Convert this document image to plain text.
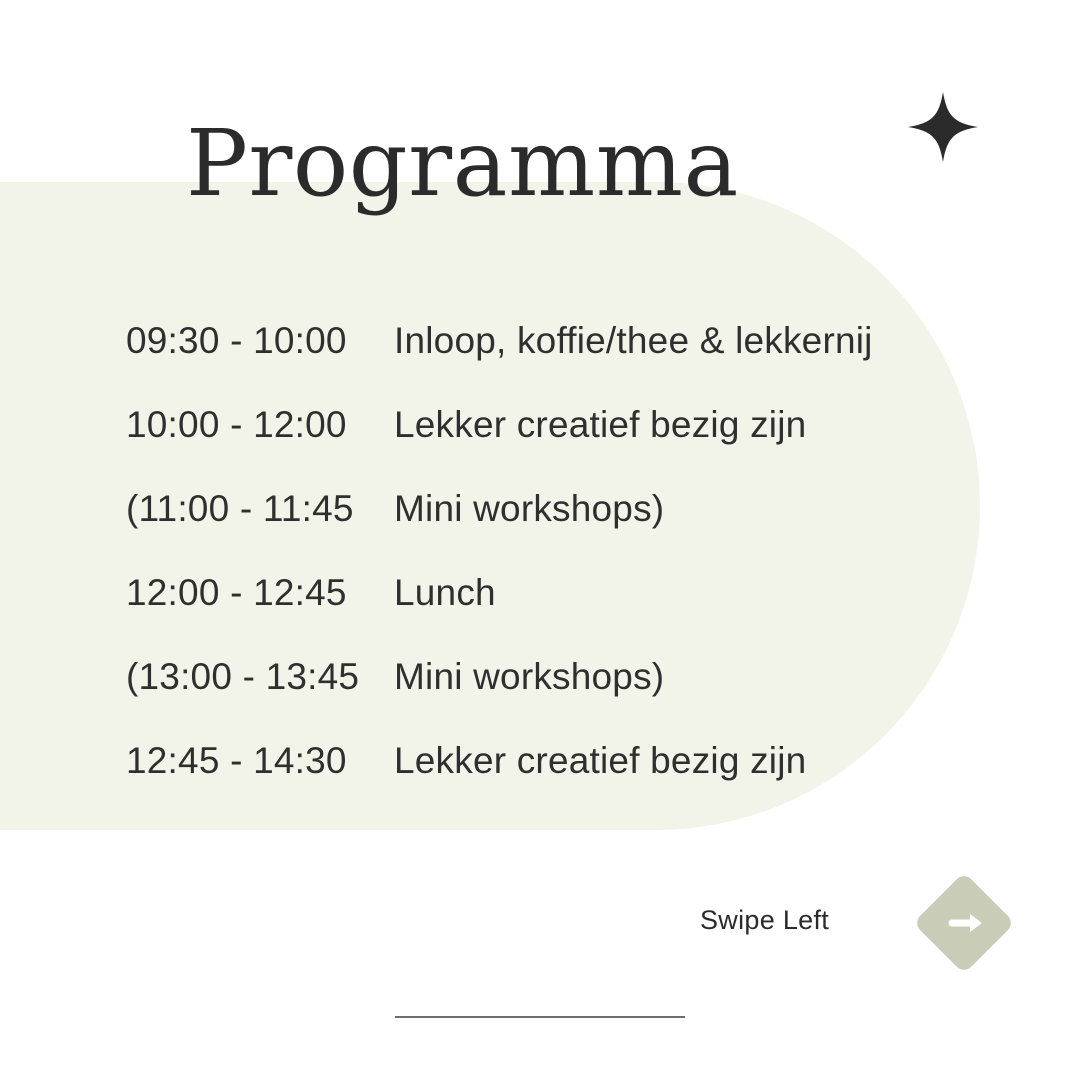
Programma
09:30 - 10:00	Inloop, koffie/thee & lekkernij
10:00 - 12:00	Lekker creatief bezig zijn
(11:00 - 11:45	Mini workshops)
12:00 - 12:45	Lunch
(13:00 - 13:45 Mini workshops)
12:45 - 14:30	Lekker creatief bezig zijn
Swipe Left
